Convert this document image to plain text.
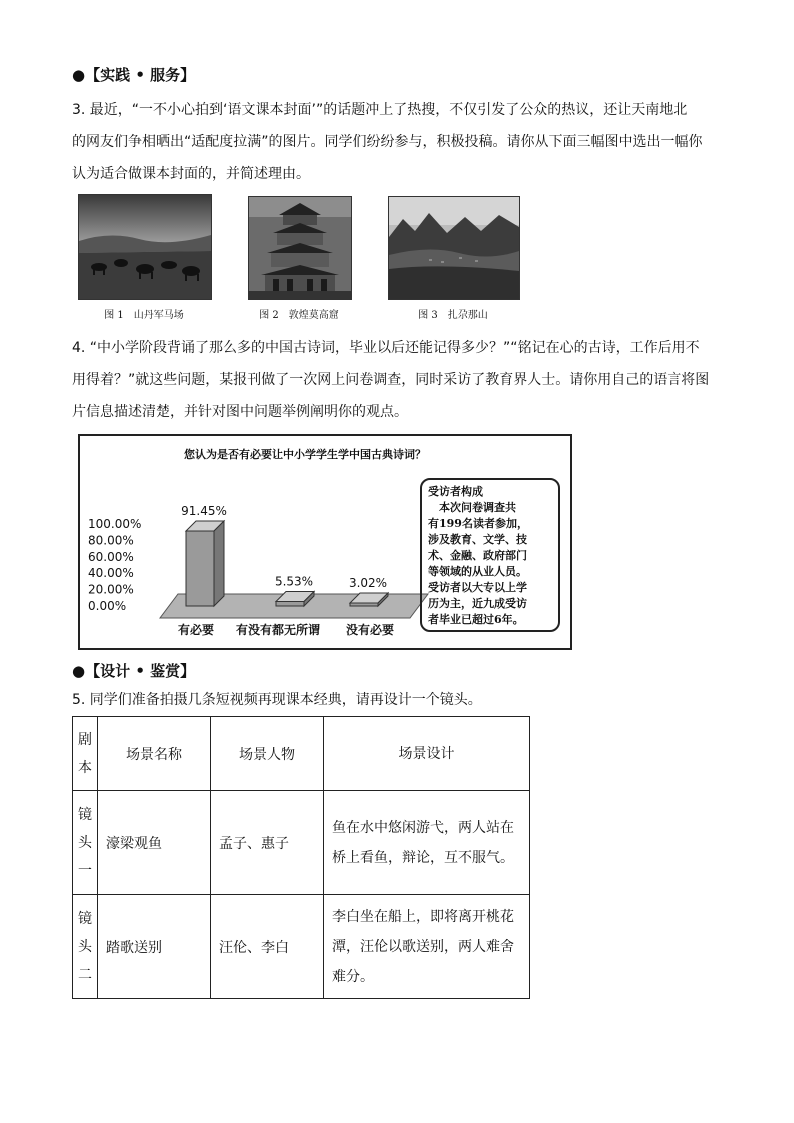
●【实践 • 服务】
3. 最近，“一不小心拍到‘语文课本封面’”的话题冲上了热搜，不仅引发了公众的热议，还让天南地北
的网友们争相晒出“适配度拉满”的图片。同学们纷纷参与，积极投稿。请你从下面三幅图中选出一幅你
认为适合做课本封面的，并简述理由。
图 1　山丹军马场	图 2　敦煌莫高窟	图 3　扎尕那山
4. “中小学阶段背诵了那么多的中国古诗词，毕业以后还能记得多少？”“铭记在心的古诗，工作后用不
用得着？”就这些问题，某报刊做了一次网上问卷调查，同时采访了教育界人士。请你用自己的语言将图
片信息描述清楚，并针对图中问题举例阐明你的观点。
您认为是否有必要让中小学学生学中国古典诗词？
100.00%
80.00%
60.00%
40.00%
20.00%
0.00%
91.45%
5.53%	3.02%
有必要 有没有都无所谓 没有必要
受访者构成
　本次问卷调查共
有199名读者参加，
涉及教育、文学、技
术、金融、政府部门
等领域的从业人员。
受访者以大专以上学
历为主，近九成受访
者毕业已超过6年。
●【设计 • 鉴赏】
5. 同学们准备拍摄几条短视频再现课本经典，请再设计一个镜头。
剧
本	场景名称	场景人物	场景设计

镜
头
一	濠梁观鱼	孟子、惠子	鱼在水中悠闲游弋，两人站在桥上看鱼，辩论，互不服气。

镜
头
二	踏歌送别	汪伦、李白	李白坐在船上，即将离开桃花潭，汪伦以歌送别，两人难舍难分。
